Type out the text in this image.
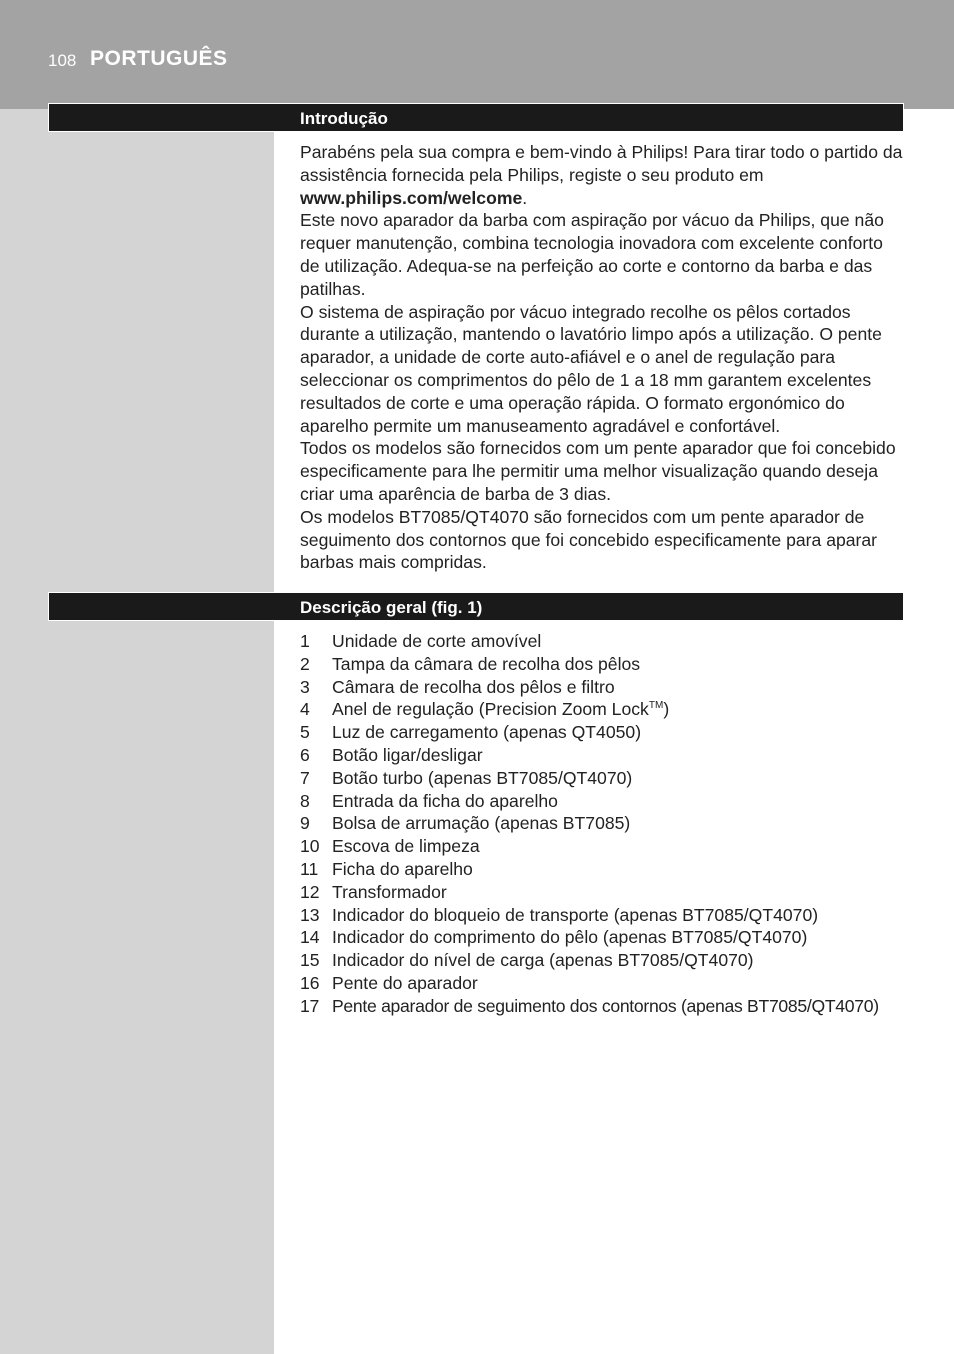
108 PORTUGUÊS
Introdução

Parabéns pela sua compra e bem-vindo à Philips! Para tirar todo o partido da assistência fornecida pela Philips, registe o seu produto em www.philips.com/welcome.

Este novo aparador da barba com aspiração por vácuo da Philips, que não requer manutenção, combina tecnologia inovadora com excelente conforto de utilização. Adequa-se na perfeição ao corte e contorno da barba e das patilhas.

O sistema de aspiração por vácuo integrado recolhe os pêlos cortados durante a utilização, mantendo o lavatório limpo após a utilização. O pente aparador, a unidade de corte auto-afiável e o anel de regulação para seleccionar os comprimentos do pêlo de 1 a 18 mm garantem excelentes resultados de corte e uma operação rápida. O formato ergonómico do aparelho permite um manuseamento agradável e confortável.

Todos os modelos são fornecidos com um pente aparador que foi concebido especificamente para lhe permitir uma melhor visualização quando deseja criar uma aparência de barba de 3 dias.

Os modelos BT7085/QT4070 são fornecidos com um pente aparador de seguimento dos contornos que foi concebido especificamente para aparar barbas mais compridas.

Descrição geral (fig. 1)
1	Unidade de corte amovível
2	Tampa da câmara de recolha dos pêlos
3	Câmara de recolha dos pêlos e filtro
4	Anel de regulação (Precision Zoom Lock™)
5	Luz de carregamento (apenas QT4050)
6	Botão ligar/desligar
7	Botão turbo (apenas BT7085/QT4070)
8	Entrada da ficha do aparelho
9	Bolsa de arrumação (apenas BT7085)
10 Escova de limpeza
11 Ficha do aparelho
12 Transformador
13 Indicador do bloqueio de transporte (apenas BT7085/QT4070)
14 Indicador do comprimento do pêlo (apenas BT7085/QT4070)
15 Indicador do nível de carga (apenas BT7085/QT4070)
16 Pente do aparador
17 Pente aparador de seguimento dos contornos (apenas BT7085/QT4070)
